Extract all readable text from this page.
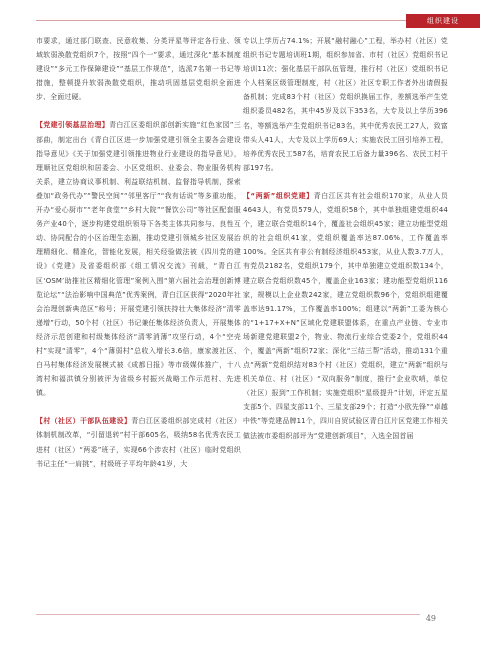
组织建设

市要求，通过部门联查、民意收集、分类评星等评定各行业、领域软弱涣散党组织7个，按照“四个一”要求，通过深化“基本制度建设”“多元工作保障建设”“基层工作规范”，选派7名第一书记等措施，整顿提升软弱涣散党组织，推动巩固基层党组织全面进步、全面过硬。

【党建引领基层治理】青白江区委组织部创新实施“红色家园”三部曲，制定出台《青白江区进一步加强党建引领全主要各会建设指导意见》《关于加强党建引领推进物业行业建设的指导意见》，理顺社区党组织和居委会、小区党组织、业委会、物业服务机构关系，建立协商议事机制、利益联结机制、监督指导机制，探索叠加“政务代办”“警民空间”“邻里客厅”“我有话说”等多重功能，开办“爱心厨市”“老年食堂”“乡村大院”“餐饮公司”等社区配套服务产业40个，逐步构建党组织领导下各类主体共同参与、良性互动、协同配合的小区治理生态圈，推动党建引领城乡社区发展治理精细化、精准化，智能化发展，相关经验做法被《四川党的建设》《党建》及省委组织部《组工情况交流》刊载，“青白江区‘OSM’助推社区精细化管理”案例入围“第六届社会治理创新博览论坛”“法治影响中国典范”优秀案例，青白江区获得“2020年社会治理创新典范区”称号；开展党建引领扶持壮大集体经济“清零递增”行动，50个村（社区）书记兼任集体经济负责人，开展集体经济示范创建和村级集体经济“清零消薄”攻坚行动，4个“空壳村”实现“清零”，4个“薄弱村”总收入增长3.6倍，康家渡社区、白马村集体经济发展模式被《成都日报》等市级媒体推广，十八湾村和福洪镇分别被评为省级乡村振兴战略工作示范村、先进镇。

【村（社区）干部队伍建设】青白江区委组织部完成村（社区）体制机制改革，“引留退转”村干部605名，吸纳58名优秀农民工进村（社区）“两委”班子，实现66个涉农村（社区）临时党组织书记主任“一肩挑”，村级班子平均年龄41岁，大

专以上学历占74.1%；开展“融村融心”工程，举办村（社区）党组织书记专题培训班1期，组织参加省、市村（社区）党组织书记培训11次；强化基层干部队伍管理，推行村（社区）党组织书记个人档案区级管理制度，村（社区）社区专职工作者外出请假报备机制；完成83个村（社区）党组织换届工作，差额选举产生党组织委员482名，其中45岁及以下353名，大专及以上学历396名，等额选举产生党组织书记83名，其中优秀农民工27人，致富带头人41人，大专及以上学历69人；实施农民工回引培养工程，培养优秀农民工587名，培育农民工后备力量396名、农民工村干部197名。

【“两新”组织党建】青白江区共有社会组织170家，从业人员4643人，有党员579人，党组织58个，其中单独组建党组织44个，建立联合党组织14个，覆盖社会组织45家；建立功能型党组织的社会组织41家，党组织覆盖率达87.06%，工作覆盖率100%。全区共有非公有制经济组织453家，从业人数3.7万人，有党员2182名，党组织179个，其中单独建立党组织数134个，建立联合党组织数45个，覆盖企业163家；建功能型党组织116家，规模以上企业数242家，建立党组织数96个，党组织组建覆盖率达91.17%，工作覆盖率100%；组建以“两新”工委为核心的“1+17+X+N”区域化党建联盟体系，在重点产业链、专业市场新建党建联盟2个，物业、物流行业综合党委2个，党组织44个，覆盖“两新”组织72家；深化“三结三帮”活动，推动131个重点“两新”党组织结对83个村（社区）党组织，建立“两新”组织与机关单位、村（社区）“双向服务”制度，推行“企业吹哨，单位（社区）报到”工作机制；实施党组织“星级提升”计划，评定五星支部5个、四星支部11个、三星支部29个；打造“小欧先锋”“卓越中铁”等党建品牌11个，四川自贸试验区青白江片区党建工作相关做法被市委组织部评为“党建创新项目”，入选全国首届

49
